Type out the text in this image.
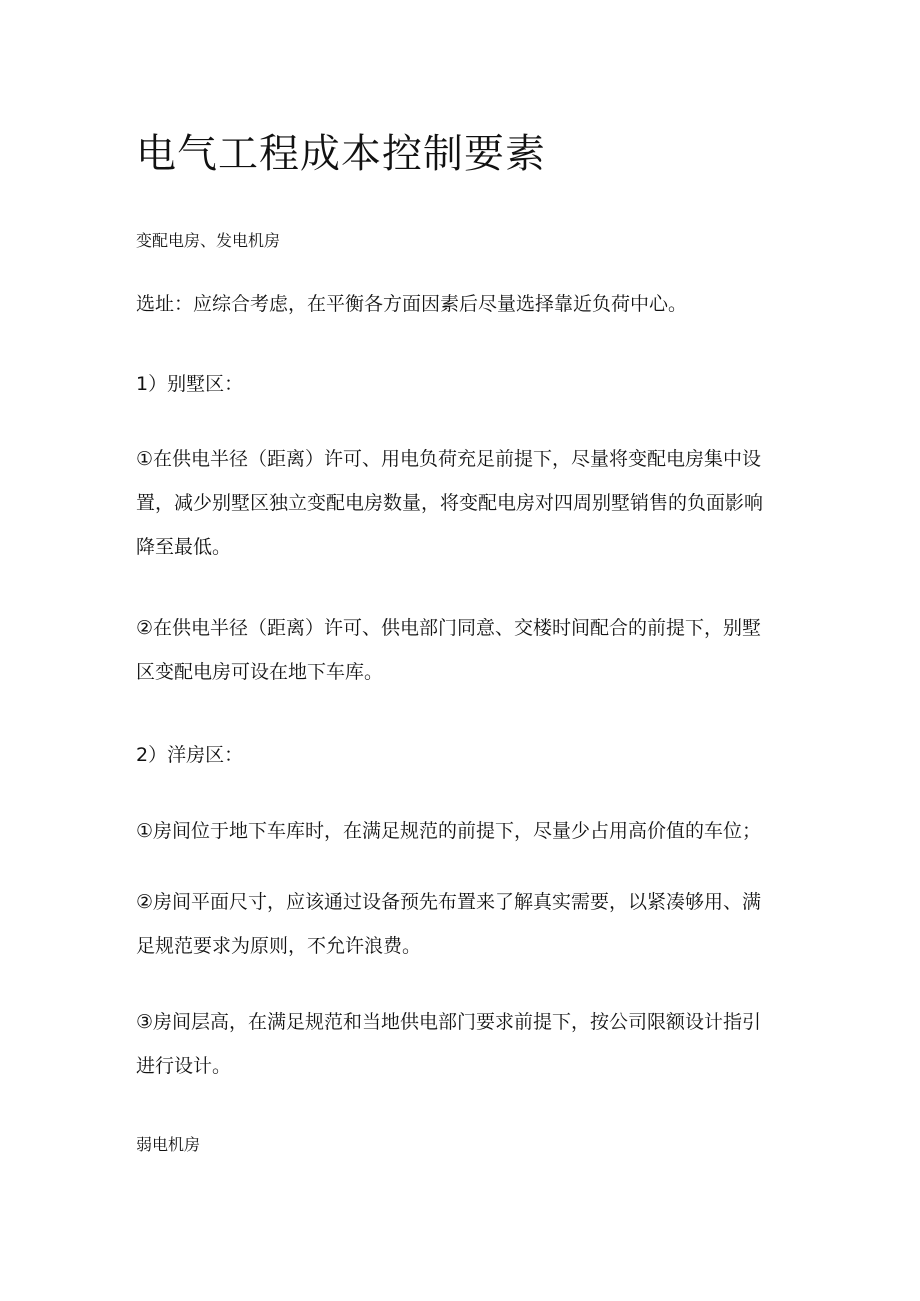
电气工程成本控制要素
变配电房、发电机房

选址：应综合考虑，在平衡各方面因素后尽量选择靠近负荷中心。

1）别墅区：

①在供电半径（距离）许可、用电负荷充足前提下，尽量将变配电房集中设
置，减少别墅区独立变配电房数量，将变配电房对四周别墅销售的负面影响
降至最低。

②在供电半径（距离）许可、供电部门同意、交楼时间配合的前提下，别墅
区变配电房可设在地下车库。

2）洋房区：

①房间位于地下车库时，在满足规范的前提下，尽量少占用高价值的车位；

②房间平面尺寸，应该通过设备预先布置来了解真实需要，以紧凑够用、满
足规范要求为原则，不允许浪费。

③房间层高，在满足规范和当地供电部门要求前提下，按公司限额设计指引
进行设计。

弱电机房
